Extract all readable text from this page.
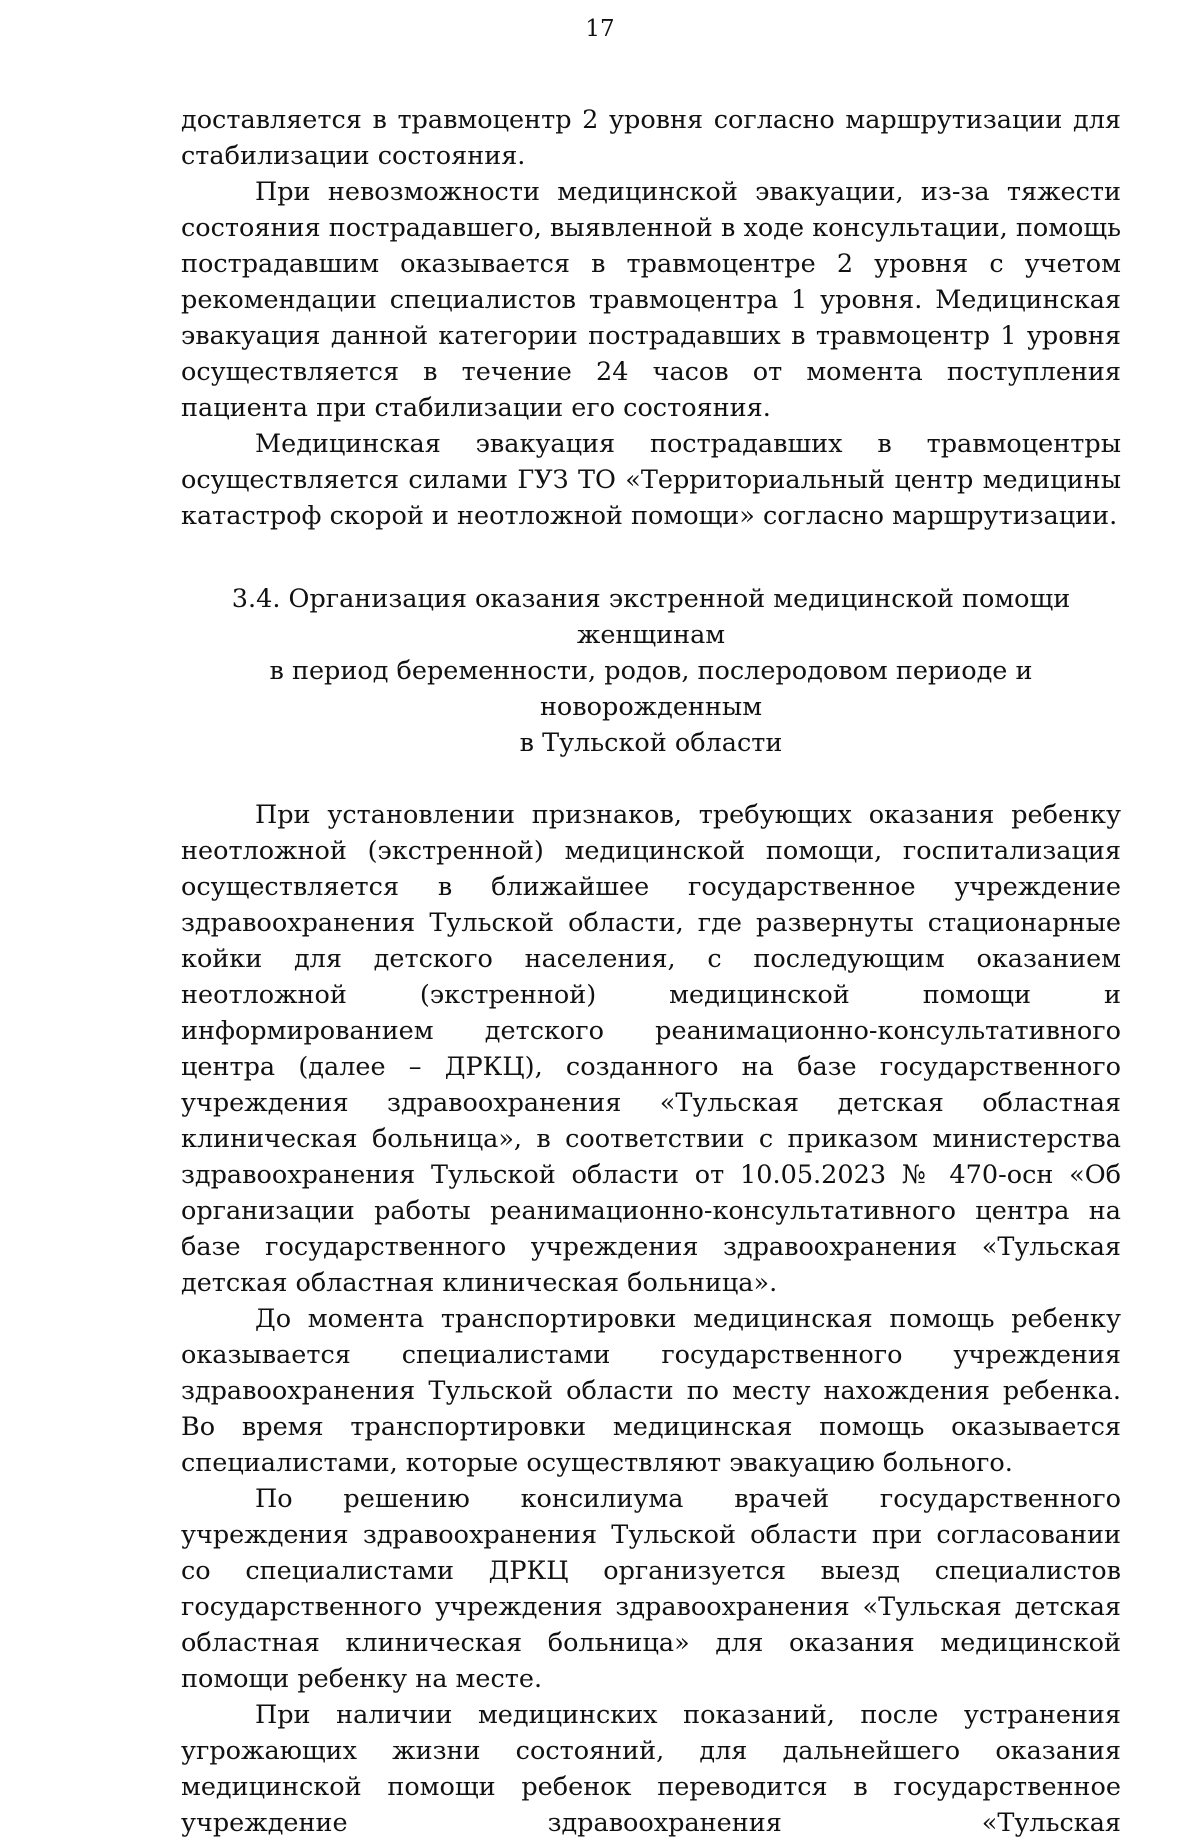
17

доставляется в травмоцентр 2 уровня согласно маршрутизации для стабилизации состояния.

При невозможности медицинской эвакуации, из-за тяжести состояния пострадавшего, выявленной в ходе консультации, помощь пострадавшим оказывается в травмоцентре 2 уровня с учетом рекомендации специалистов травмоцентра 1 уровня. Медицинская эвакуация данной категории пострадавших в травмоцентр 1 уровня осуществляется в течение 24 часов от момента поступления пациента при стабилизации его состояния.

Медицинская эвакуация пострадавших в травмоцентры осуществляется силами ГУЗ ТО «Территориальный центр медицины катастроф скорой и неотложной помощи» согласно маршрутизации.

3.4. Организация оказания экстренной медицинской помощи женщинам
в период беременности, родов, послеродовом периоде и новорожденным
в Тульской области

При установлении признаков, требующих оказания ребенку неотложной (экстренной) медицинской помощи, госпитализация осуществляется в ближайшее государственное учреждение здравоохранения Тульской области, где развернуты стационарные койки для детского населения, с последующим оказанием неотложной (экстренной) медицинской помощи и информированием детского реанимационно-консультативного центра (далее – ДРКЦ), созданного на базе государственного учреждения здравоохранения «Тульская детская областная клиническая больница», в соответствии с приказом министерства здравоохранения Тульской области от 10.05.2023 № 470-осн «Об организации работы реанимационно-консультативного центра на базе государственного учреждения здравоохранения «Тульская детская областная клиническая больница».

До момента транспортировки медицинская помощь ребенку оказывается специалистами государственного учреждения здравоохранения Тульской области по месту нахождения ребенка. Во время транспортировки медицинская помощь оказывается специалистами, которые осуществляют эвакуацию больного.

По решению консилиума врачей государственного учреждения здравоохранения Тульской области при согласовании со специалистами ДРКЦ организуется выезд специалистов государственного учреждения здравоохранения «Тульская детская областная клиническая больница» для оказания медицинской помощи ребенку на месте.

При наличии медицинских показаний, после устранения угрожающих жизни состояний, для дальнейшего оказания медицинской помощи ребенок переводится в государственное учреждение здравоохранения «Тульская
